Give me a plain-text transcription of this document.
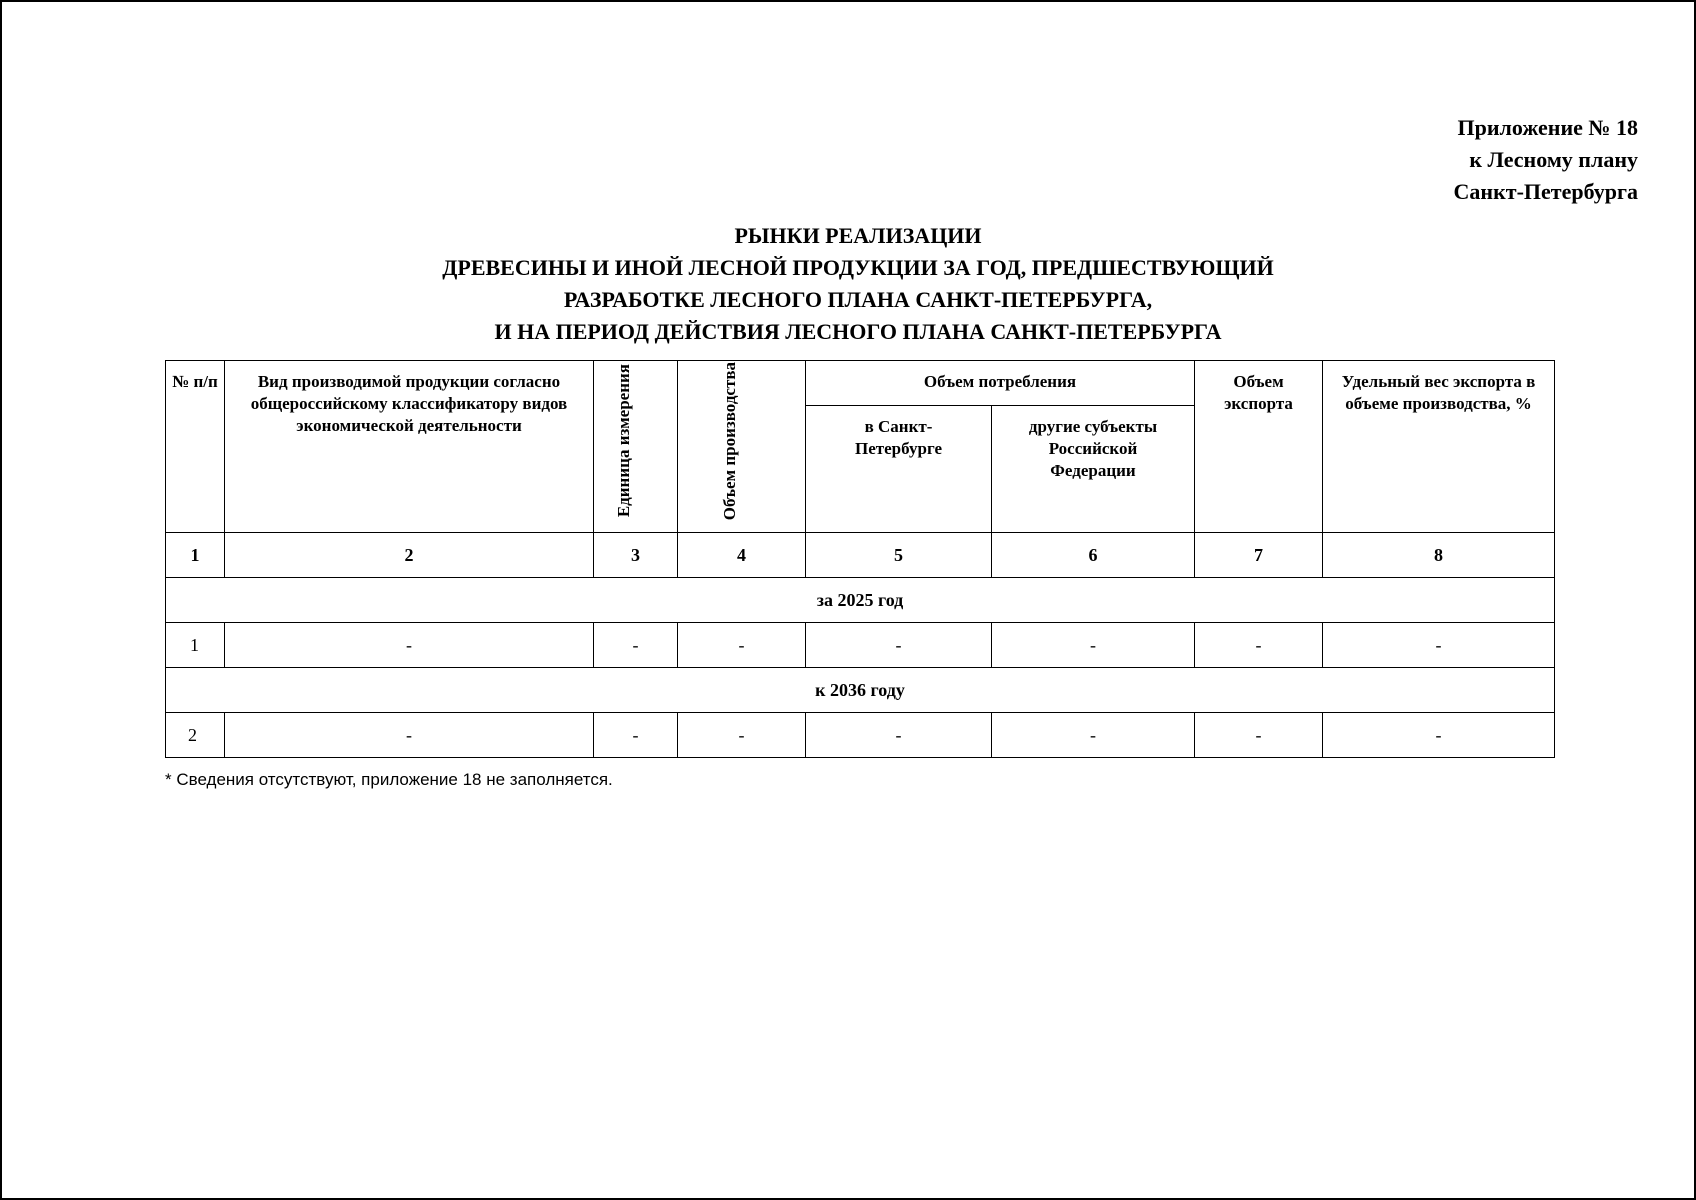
Приложение № 18
к Лесному плану
Санкт-Петербурга
РЫНКИ РЕАЛИЗАЦИИ
ДРЕВЕСИНЫ И ИНОЙ ЛЕСНОЙ ПРОДУКЦИИ ЗА ГОД, ПРЕДШЕСТВУЮЩИЙ
РАЗРАБОТКЕ ЛЕСНОГО ПЛАНА САНКТ-ПЕТЕРБУРГА,
И НА ПЕРИОД ДЕЙСТВИЯ ЛЕСНОГО ПЛАНА САНКТ-ПЕТЕРБУРГА
№ п/п	Вид производимой продукции согласно общероссийскому классификатору видов экономической деятельности	Единица измерения	Объем производства	Объем потребления		Объем экспорта	Удельный вес экспорта в объеме производства, %
				в Санкт-Петербурге	другие субъекты Российской Федерации		
1	2	3	4	5	6	7	8
за 2025 год							
1	-	-	-	-	-	-	-
к 2036 году							
2	-	-	-	-	-	-	-
* Сведения отсутствуют, приложение 18 не заполняется.
